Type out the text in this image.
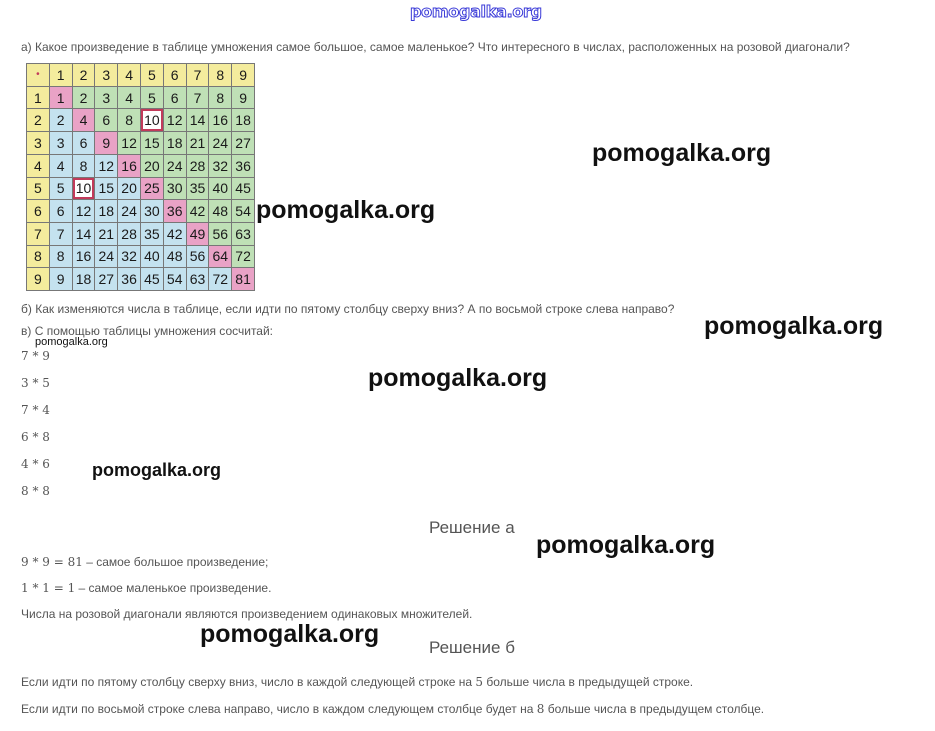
pomogalka.org
а) Какое произведение в таблице умножения самое большое, самое маленькое? Что интересного в числах, расположенных на розовой диагонали?
•	1	2	3	4	5	6	7	8	9
1	1	2	3	4	5	6	7	8	9
2	2	4	6	8 10 12 14 16 18
3	3	6	9 12 15 18 21 24 27
4	4	8 12 16 20 24 28 32 36
5	5 10 15 20 25 30 35 40 45
6	6 12 18 24 30 36 42 48 54
7	7 14 21 28 35 42 49 56 63
8	8 16 24 32 40 48 56 64 72
9	9 18 27 36 45 54 63 72 81
б) Как изменяются числа в таблице, если идти по пятому столбцу сверху вниз? А по восьмой строке слева направо?
в) С помощью таблицы умножения сосчитай:
7 * 9
3 * 5
7 * 4
6 * 8
4 * 6
8 * 8
Решение а
9 * 9 = 81 – самое большое произведение;
1 * 1 = 1 – самое маленькое произведение.
Числа на розовой диагонали являются произведением одинаковых множителей.
Решение б
Если идти по пятому столбцу сверху вниз, число в каждой следующей строке на 5 больше числа в предыдущей строке.
Если идти по восьмой строке слева направо, число в каждом следующем столбце будет на 8 больше числа в предыдущем столбце.
pomogalka.org
pomogalka.org
pomogalka.org
pomogalka.org
pomogalka.org
pomogalka.org
pomogalka.org
pomogalka.org
